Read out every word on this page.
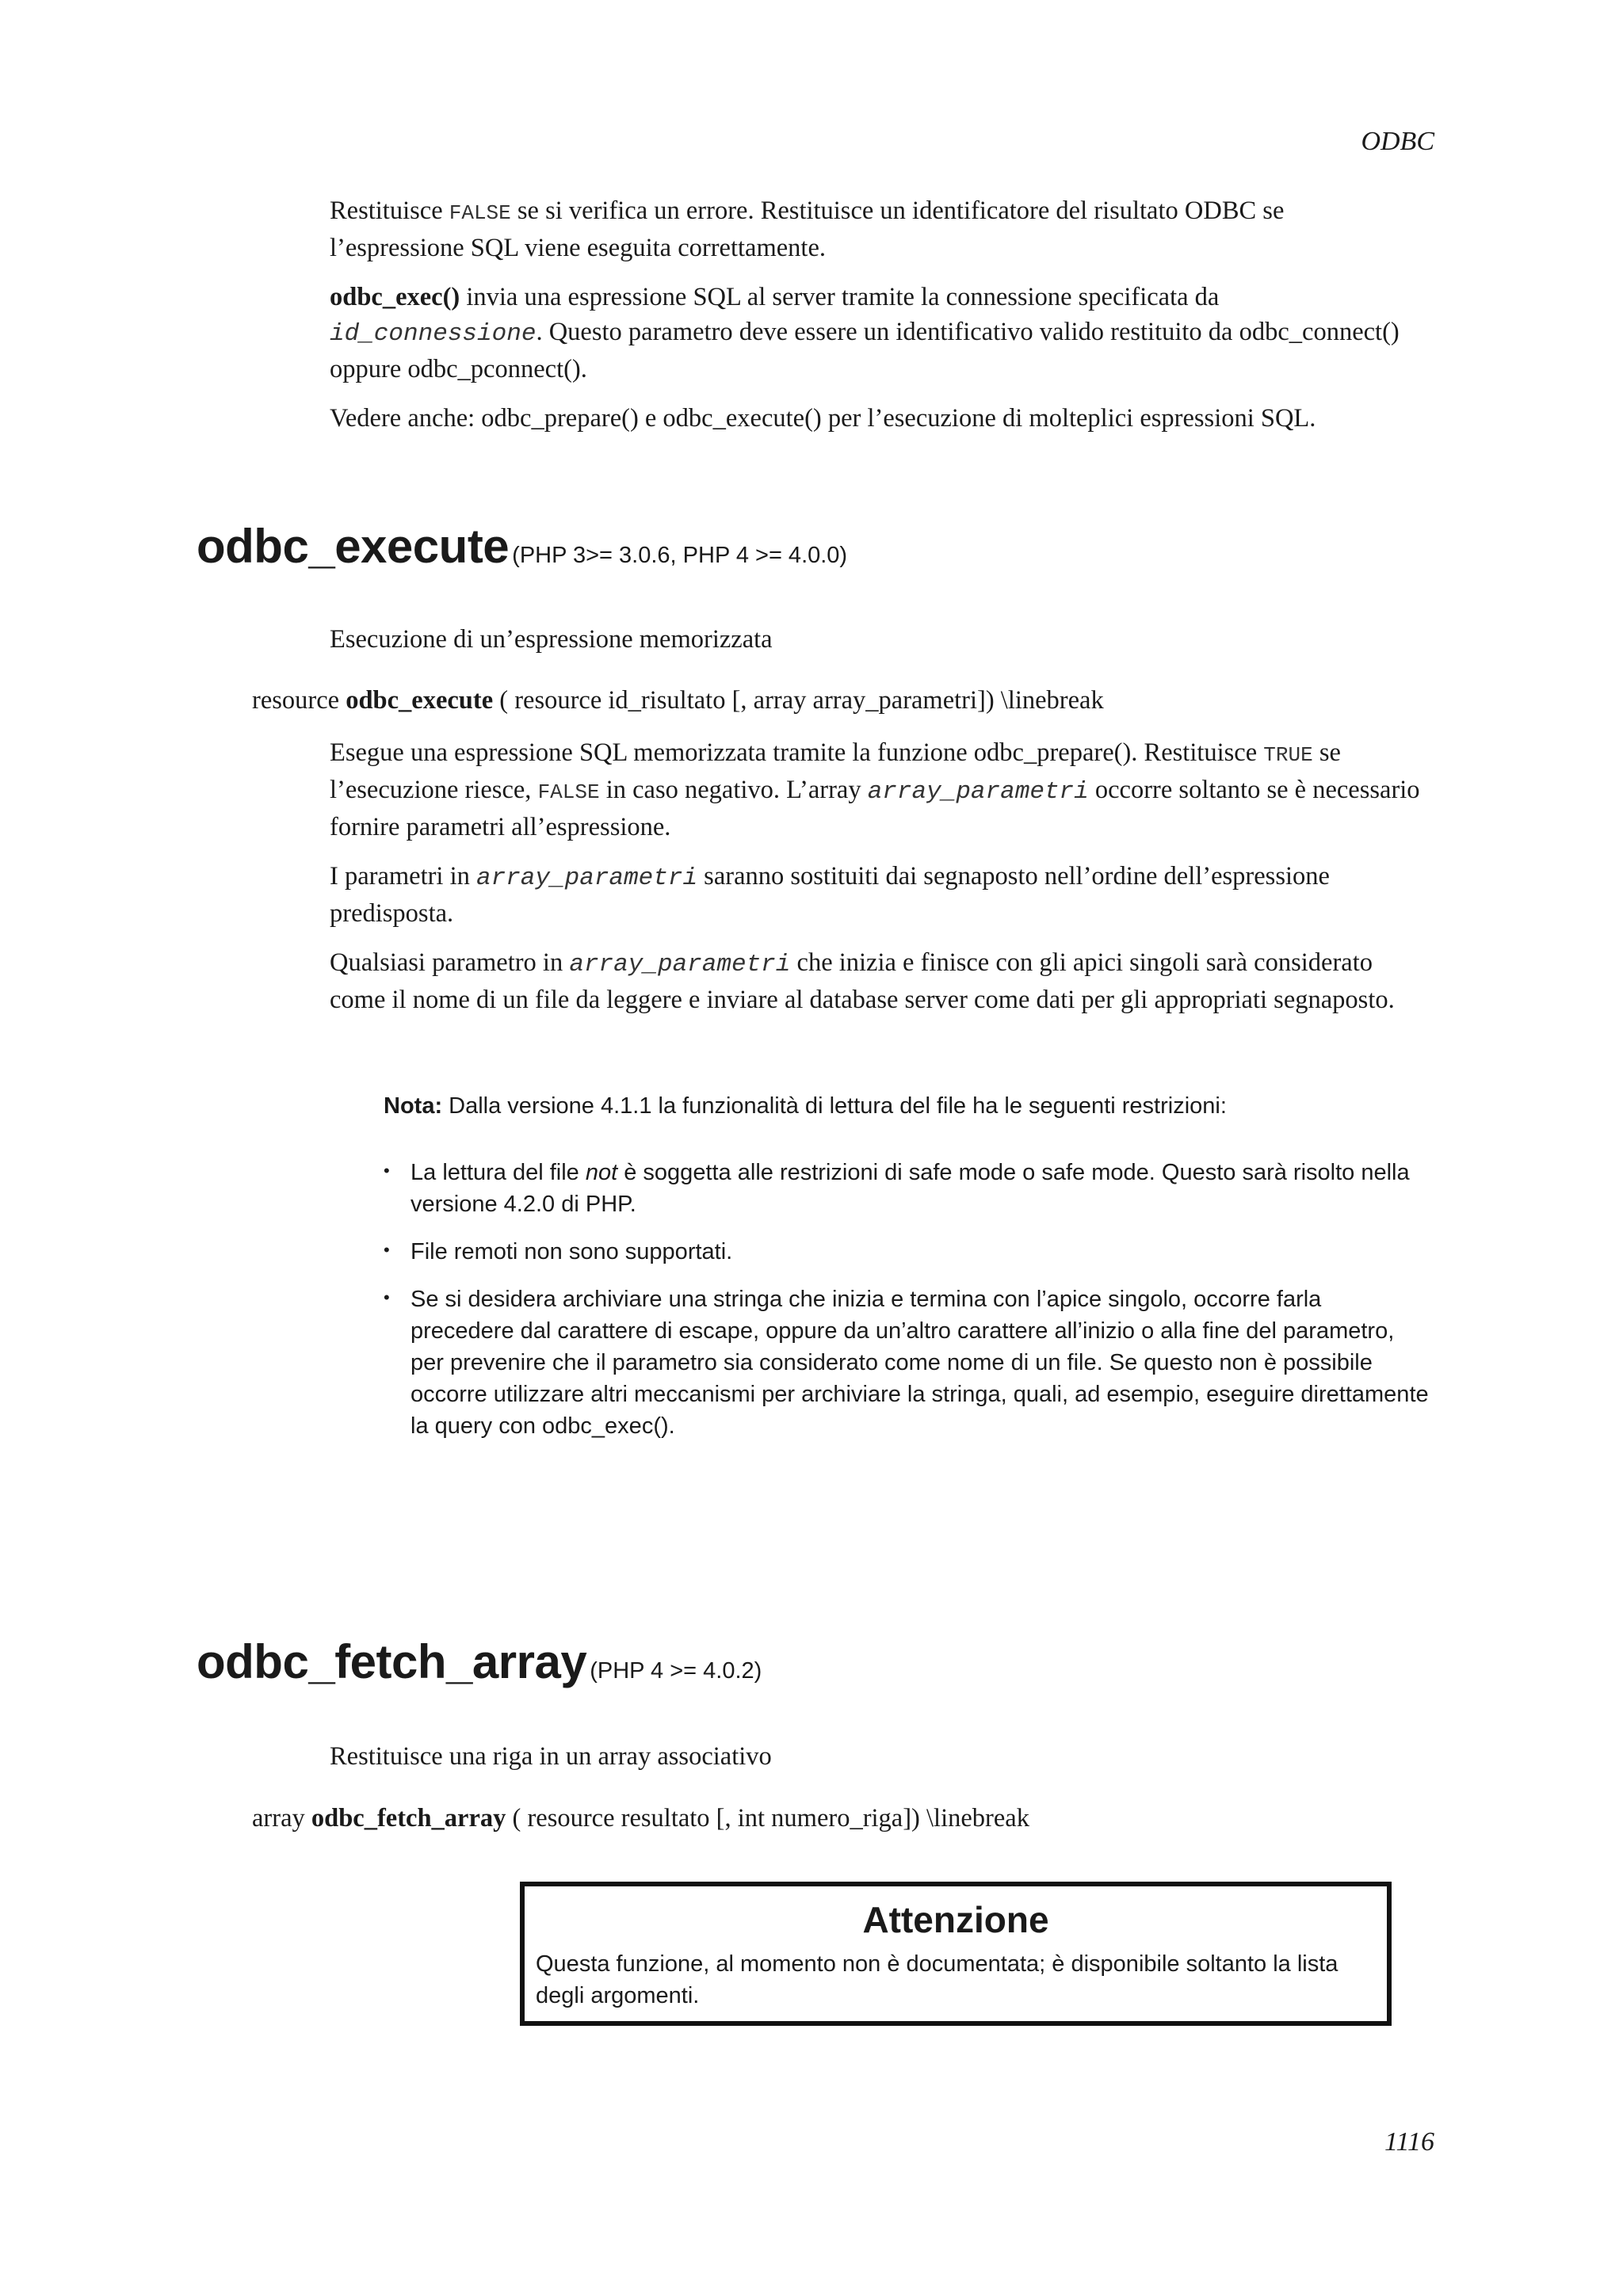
ODBC

Restituisce FALSE se si verifica un errore. Restituisce un identificatore del risultato ODBC se l’espressione SQL viene eseguita correttamente.

odbc_exec() invia una espressione SQL al server tramite la connessione specificata da id_connessione. Questo parametro deve essere un identificativo valido restituito da odbc_connect() oppure odbc_pconnect().

Vedere anche: odbc_prepare() e odbc_execute() per l’esecuzione di molteplici espressioni SQL.

odbc_execute (PHP 3>= 3.0.6, PHP 4 >= 4.0.0)
Esecuzione di un’espressione memorizzata
resource odbc_execute ( resource id_risultato [, array array_parametri]) \linebreak

Esegue una espressione SQL memorizzata tramite la funzione odbc_prepare(). Restituisce TRUE se l’esecuzione riesce, FALSE in caso negativo. L’array array_parametri occorre soltanto se è necessario fornire parametri all’espressione.

I parametri in array_parametri saranno sostituiti dai segnaposto nell’ordine dell’espressione predisposta.

Qualsiasi parametro in array_parametri che inizia e finisce con gli apici singoli sarà considerato come il nome di un file da leggere e inviare al database server come dati per gli appropriati segnaposto.

Nota: Dalla versione 4.1.1 la funzionalità di lettura del file ha le seguenti restrizioni:
• La lettura del file not è soggetta alle restrizioni di safe mode o safe mode. Questo sarà risolto nella versione 4.2.0 di PHP.
• File remoti non sono supportati.
• Se si desidera archiviare una stringa che inizia e termina con l’apice singolo, occorre farla precedere dal carattere di escape, oppure da un’altro carattere all’inizio o alla fine del parametro, per prevenire che il parametro sia considerato come nome di un file. Se questo non è possibile occorre utilizzare altri meccanismi per archiviare la stringa, quali, ad esempio, eseguire direttamente la query con odbc_exec().
odbc_fetch_array (PHP 4 >= 4.0.2)
Restituisce una riga in un array associativo
array odbc_fetch_array ( resource resultato [, int numero_riga]) \linebreak
Attenzione
Questa funzione, al momento non è documentata; è disponibile soltanto la lista degli argomenti.
1116
